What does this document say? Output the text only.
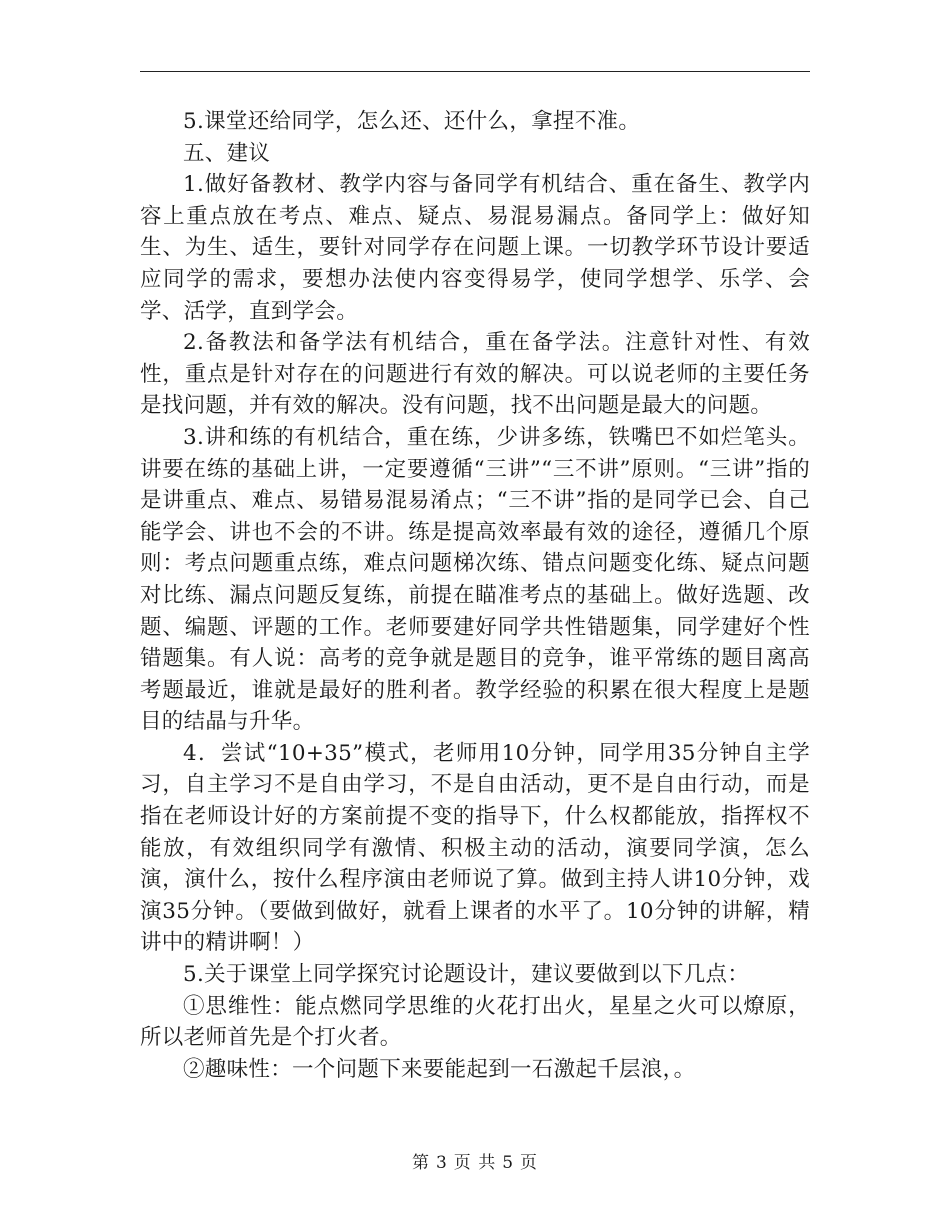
5.课堂还给同学，怎么还、还什么，拿捏不准。

五、建议

1.做好备教材、教学内容与备同学有机结合、重在备生、教学内容上重点放在考点、难点、疑点、易混易漏点。备同学上：做好知生、为生、适生，要针对同学存在问题上课。一切教学环节设计要适应同学的需求，要想办法使内容变得易学，使同学想学、乐学、会学、活学，直到学会。

2.备教法和备学法有机结合，重在备学法。注意针对性、有效性，重点是针对存在的问题进行有效的解决。可以说老师的主要任务是找问题，并有效的解决。没有问题，找不出问题是最大的问题。

3.讲和练的有机结合，重在练，少讲多练，铁嘴巴不如烂笔头。讲要在练的基础上讲，一定要遵循“三讲”“三不讲”原则。“三讲”指的是讲重点、难点、易错易混易淆点；“三不讲”指的是同学已会、自己能学会、讲也不会的不讲。练是提高效率最有效的途径，遵循几个原则：考点问题重点练，难点问题梯次练、错点问题变化练、疑点问题对比练、漏点问题反复练，前提在瞄准考点的基础上。做好选题、改题、编题、评题的工作。老师要建好同学共性错题集，同学建好个性错题集。有人说：高考的竞争就是题目的竞争，谁平常练的题目离高考题最近，谁就是最好的胜利者。教学经验的积累在很大程度上是题目的结晶与升华。

4．尝试“10+35”模式，老师用10分钟，同学用35分钟自主学习，自主学习不是自由学习，不是自由活动，更不是自由行动，而是指在老师设计好的方案前提不变的指导下，什么权都能放，指挥权不能放，有效组织同学有激情、积极主动的活动，演要同学演，怎么演，演什么，按什么程序演由老师说了算。做到主持人讲10分钟，戏演35分钟。（要做到做好，就看上课者的水平了。10分钟的讲解，精讲中的精讲啊！）

5.关于课堂上同学探究讨论题设计，建议要做到以下几点：

①思维性：能点燃同学思维的火花打出火，星星之火可以燎原，所以老师首先是个打火者。

②趣味性：一个问题下来要能起到一石激起千层浪，。

第 3 页 共 5 页
